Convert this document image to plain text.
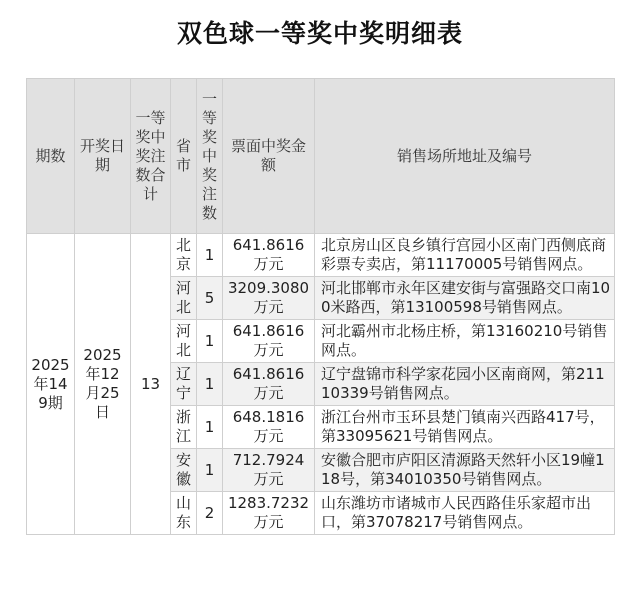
双色球一等奖中奖明细表
期数	开奖日期	一等奖中奖注数合计	省市	一等奖中奖注数	票面中奖金额	销售场所地址及编号
2025年149期	2025年12月25日	13	北京	1	641.8616万元	北京房山区良乡镇行宫园小区南门西侧底商彩票专卖店，第11170005号销售网点。
			河北	5	3209.3080万元	河北邯郸市永年区建安街与富强路交口南100米路西，第13100598号销售网点。
			河北	1	641.8616万元	河北霸州市北杨庄桥，第13160210号销售网点。
			辽宁	1	641.8616万元	辽宁盘锦市科学家花园小区南商网，第21110339号销售网点。
			浙江	1	648.1816万元	浙江台州市玉环县楚门镇南兴西路417号，第33095621号销售网点。
			安徽	1	712.7924万元	安徽合肥市庐阳区清源路天然轩小区19幢118号，第34010350号销售网点。
			山东	2	1283.7232万元	山东潍坊市诸城市人民西路佳乐家超市出口，第37078217号销售网点。
